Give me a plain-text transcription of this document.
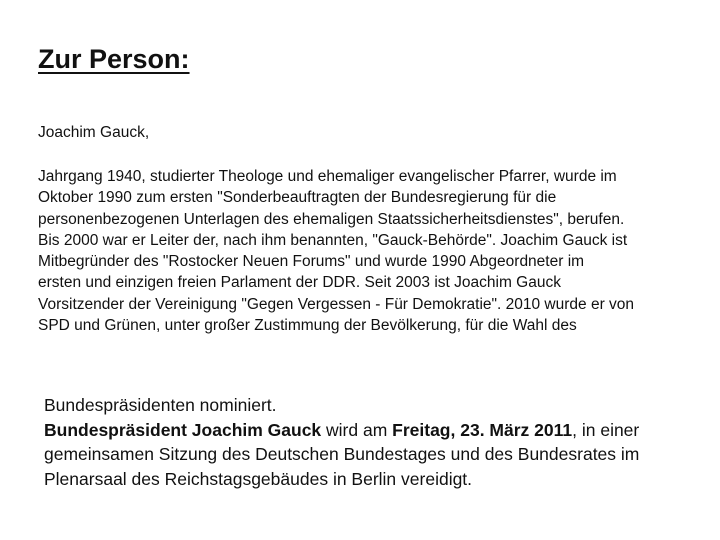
Zur Person:
Joachim Gauck,
Jahrgang 1940, studierter Theologe und ehemaliger evangelischer Pfarrer, wurde im
Oktober 1990 zum ersten "Sonderbeauftragten der Bundesregierung für die
personenbezogenen Unterlagen des ehemaligen Staatssicherheitsdienstes", berufen.
Bis 2000 war er Leiter der, nach ihm benannten, "Gauck-Behörde". Joachim Gauck ist
Mitbegründer des "Rostocker Neuen Forums" und wurde 1990 Abgeordneter im
ersten und einzigen freien Parlament der DDR. Seit 2003 ist Joachim Gauck
Vorsitzender der Vereinigung "Gegen Vergessen - Für Demokratie". 2010 wurde er von
SPD und Grünen, unter großer Zustimmung der Bevölkerung, für die Wahl des
Bundespräsidenten nominiert.
Bundespräsident Joachim Gauck wird am Freitag, 23. März 2011, in einer
gemeinsamen Sitzung des Deutschen Bundestages und des Bundesrates im
Plenarsaal des Reichstagsgebäudes in Berlin vereidigt.
